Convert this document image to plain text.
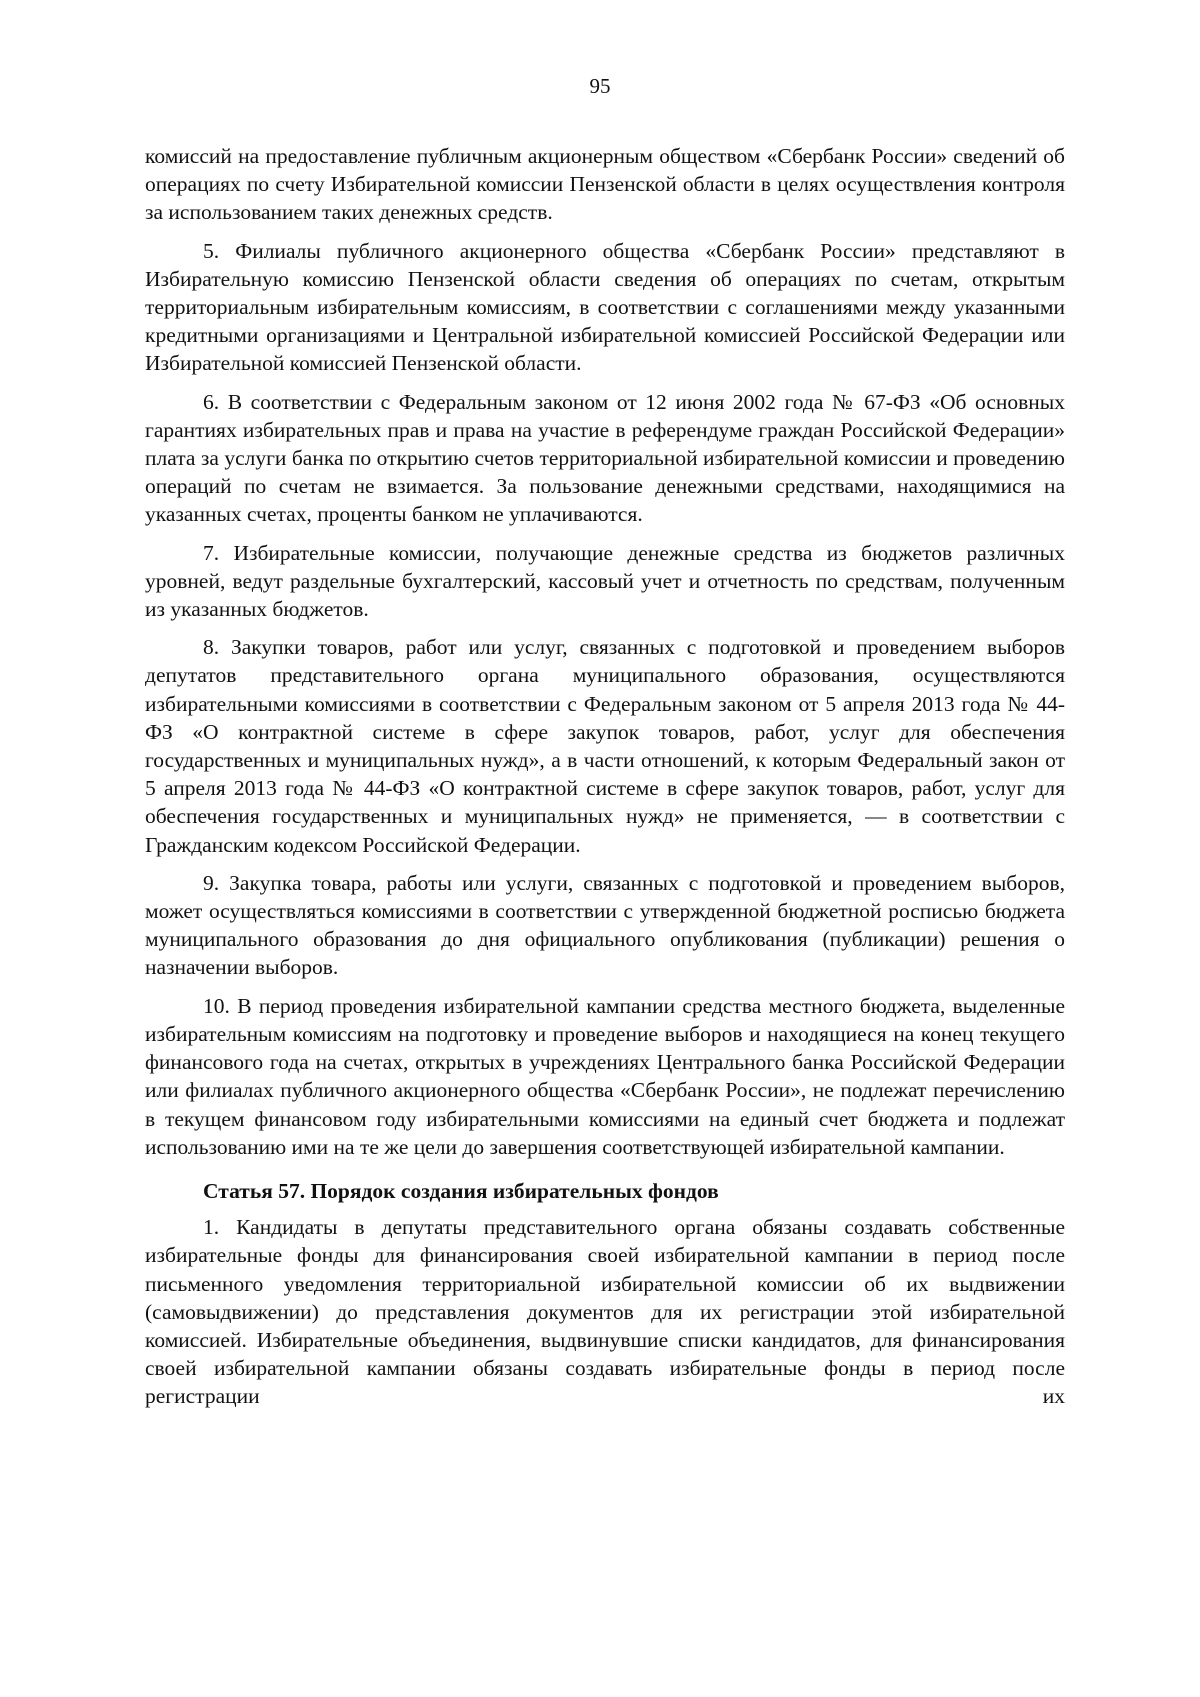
95

комиссий на предоставление публичным акционерным обществом «Сбербанк России» сведений об операциях по счету Избирательной комиссии Пензенской области в целях осуществления контроля за использованием таких денежных средств.

5. Филиалы публичного акционерного общества «Сбербанк России» представляют в Избирательную комиссию Пензенской области сведения об операциях по счетам, открытым территориальным избирательным комиссиям, в соответствии с соглашениями между указанными кредитными организациями и Центральной избирательной комиссией Российской Федерации или Избирательной комиссией Пензенской области.

6. В соответствии с Федеральным законом от 12 июня 2002 года № 67-ФЗ «Об основных гарантиях избирательных прав и права на участие в референдуме граждан Российской Федерации» плата за услуги банка по открытию счетов территориальной избирательной комиссии и проведению операций по счетам не взимается. За пользование денежными средствами, находящимися на указанных счетах, проценты банком не уплачиваются.

7. Избирательные комиссии, получающие денежные средства из бюджетов различных уровней, ведут раздельные бухгалтерский, кассовый учет и отчетность по средствам, полученным из указанных бюджетов.

8. Закупки товаров, работ или услуг, связанных с подготовкой и проведением выборов депутатов представительного органа муниципального образования, осуществляются избирательными комиссиями в соответствии с Федеральным законом от 5 апреля 2013 года № 44-ФЗ «О контрактной системе в сфере закупок товаров, работ, услуг для обеспечения государственных и муниципальных нужд», а в части отношений, к которым Федеральный закон от 5 апреля 2013 года № 44-ФЗ «О контрактной системе в сфере закупок товаров, работ, услуг для обеспечения государственных и муниципальных нужд» не применяется, — в соответствии с Гражданским кодексом Российской Федерации.

9. Закупка товара, работы или услуги, связанных с подготовкой и проведением выборов, может осуществляться комиссиями в соответствии с утвержденной бюджетной росписью бюджета муниципального образования до дня официального опубликования (публикации) решения о назначении выборов.

10. В период проведения избирательной кампании средства местного бюджета, выделенные избирательным комиссиям на подготовку и проведение выборов и находящиеся на конец текущего финансового года на счетах, открытых в учреждениях Центрального банка Российской Федерации или филиалах публичного акционерного общества «Сбербанк России», не подлежат перечислению в текущем финансовом году избирательными комиссиями на единый счет бюджета и подлежат использованию ими на те же цели до завершения соответствующей избирательной кампании.

Статья 57. Порядок создания избирательных фондов

1. Кандидаты в депутаты представительного органа обязаны создавать собственные избирательные фонды для финансирования своей избирательной кампании в период после письменного уведомления территориальной избирательной комиссии об их выдвижении (самовыдвижении) до представления документов для их регистрации этой избирательной комиссией. Избирательные объединения, выдвинувшие списки кандидатов, для финансирования своей избирательной кампании обязаны создавать избирательные фонды в период после регистрации их
